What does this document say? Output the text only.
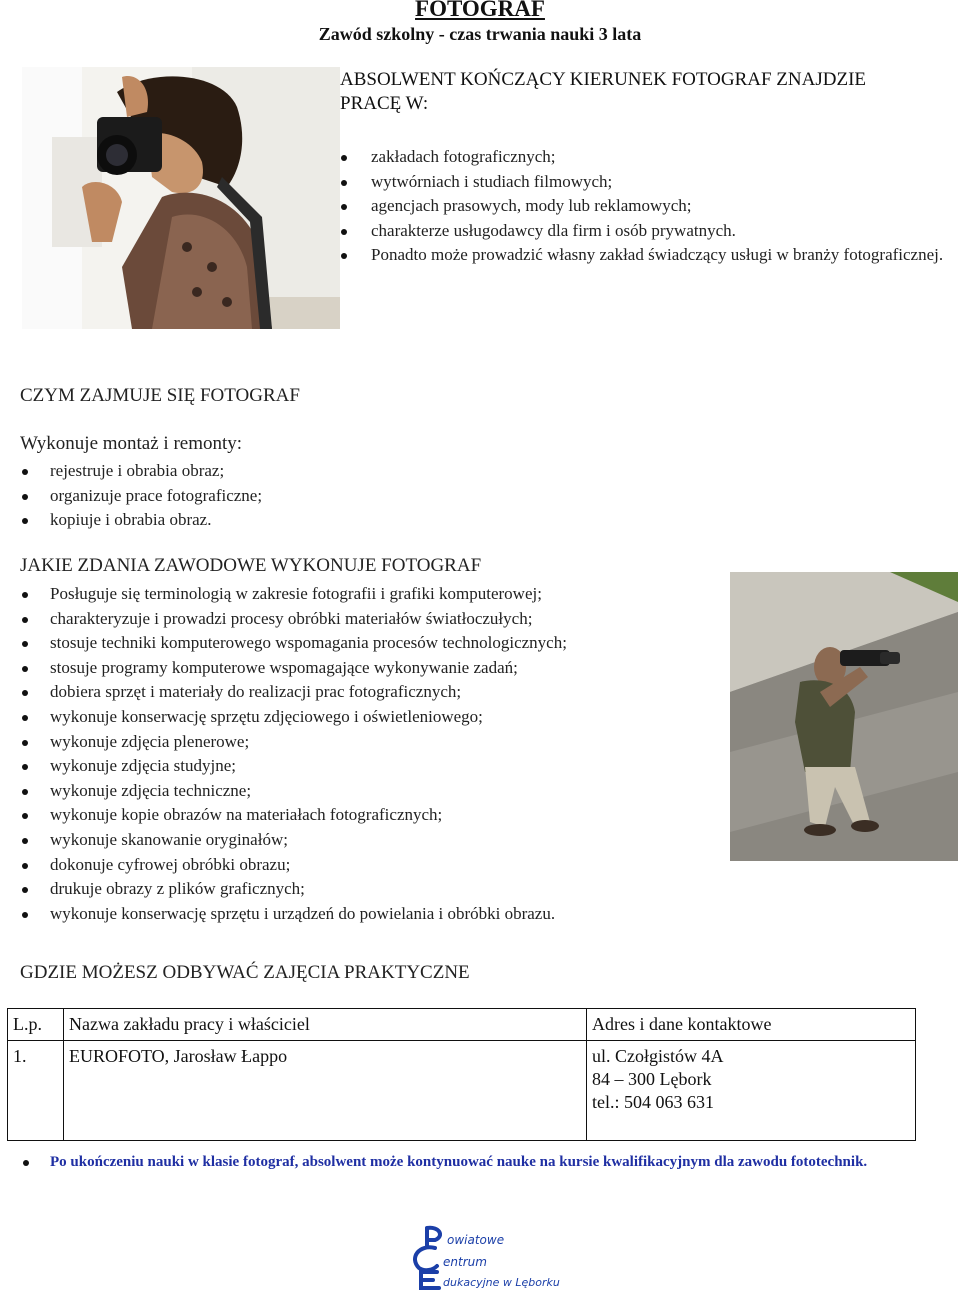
FOTOGRAF
Zawód szkolny - czas trwania nauki 3 lata
ABSOLWENT KOŃCZĄCY KIERUNEK FOTOGRAF ZNAJDZIE
PRACĘ W:
zakładach fotograficznych;
wytwórniach i studiach filmowych;
agencjach prasowych, mody lub reklamowych;
charakterze usługodawcy dla firm i osób prywatnych.
Ponadto może prowadzić własny zakład świadczący usługi w branży fotograficznej.
CZYM ZAJMUJE SIĘ FOTOGRAF
Wykonuje montaż i remonty:
rejestruje i obrabia obraz;
organizuje prace fotograficzne;
kopiuje i obrabia obraz.
JAKIE ZDANIA ZAWODOWE WYKONUJE FOTOGRAF
Posługuje się terminologią w zakresie fotografii i grafiki komputerowej;
charakteryzuje i prowadzi procesy obróbki materiałów światłoczułych;
stosuje techniki komputerowego wspomagania procesów technologicznych;
stosuje programy komputerowe wspomagające wykonywanie zadań;
dobiera sprzęt i materiały do realizacji prac fotograficznych;
wykonuje konserwację sprzętu zdjęciowego i oświetleniowego;
wykonuje zdjęcia plenerowe;
wykonuje zdjęcia studyjne;
wykonuje zdjęcia techniczne;
wykonuje kopie obrazów na materiałach fotograficznych;
wykonuje skanowanie oryginałów;
dokonuje cyfrowej obróbki obrazu;
drukuje obrazy z plików graficznych;
wykonuje konserwację sprzętu i urządzeń do powielania i obróbki obrazu.
GDZIE MOŻESZ ODBYWAĆ ZAJĘCIA PRAKTYCZNE
L.p.	Nazwa zakładu pracy i właściciel	Adres i dane kontaktowe
1.	EUROFOTO, Jarosław Łappo	ul. Czołgistów 4A
84 – 300 Lębork
tel.: 504 063 631
Po ukończeniu nauki w klasie fotograf, absolwent może kontynuować nauke na kursie kwalifikacyjnym dla zawodu fototechnik.
owiatowe
entrum
dukacyjne w Lęborku
